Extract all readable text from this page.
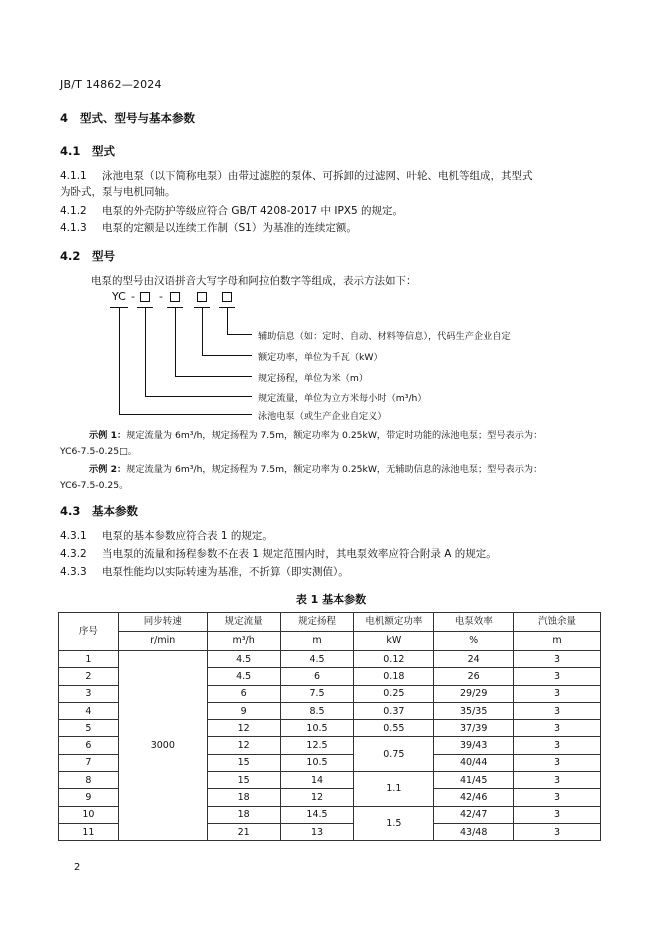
JB/T 14862—2024
4 型式、型号与基本参数
4.1 型式
4.1.1 泳池电泵（以下简称电泵）由带过滤腔的泵体、可拆卸的过滤网、叶轮、电机等组成，其型式
为卧式，泵与电机同轴。
4.1.2 电泵的外壳防护等级应符合 GB/T 4208-2017 中 IPX5 的规定。
4.1.3 电泵的定额是以连续工作制（S1）为基准的连续定额。
4.2 型号
电泵的型号由汉语拼音大写字母和阿拉伯数字等组成，表示方法如下：
YC - -
辅助信息（如：定时、自动、材料等信息），代码生产企业自定
额定功率，单位为千瓦（kW）
规定扬程，单位为米（m）
规定流量，单位为立方米每小时（m³/h）
泳池电泵（或生产企业自定义）
示例 1：规定流量为 6m³/h，规定扬程为 7.5m，额定功率为 0.25kW，带定时功能的泳池电泵；型号表示为：
YC6-7.5-0.25□。
示例 2：规定流量为 6m³/h，规定扬程为 7.5m，额定功率为 0.25kW，无辅助信息的泳池电泵；型号表示为：
YC6-7.5-0.25。
4.3 基本参数
4.3.1 电泵的基本参数应符合表 1 的规定。
4.3.2 当电泵的流量和扬程参数不在表 1 规定范围内时，其电泵效率应符合附录 A 的规定。
4.3.3 电泵性能均以实际转速为基准，不折算（即实测值）。
表 1 基本参数
序号	同步转速	规定流量	规定扬程	电机额定功率	电泵效率	汽蚀余量
	r/min	m³/h	m	kW	%	m
1	3000	4.5	4.5	0.12	24	3
2		4.5	6	0.18	26	3
3		6	7.5	0.25	29/29	3
4		9	8.5	0.37	35/35	3
5		12	10.5	0.55	37/39	3
6		12	12.5	0.75	39/43	3
7		15	10.5		40/44	3
8		15	14	1.1	41/45	3
9		18	12		42/46	3
10		18	14.5	1.5	42/47	3
11		21	13		43/48	3
2
